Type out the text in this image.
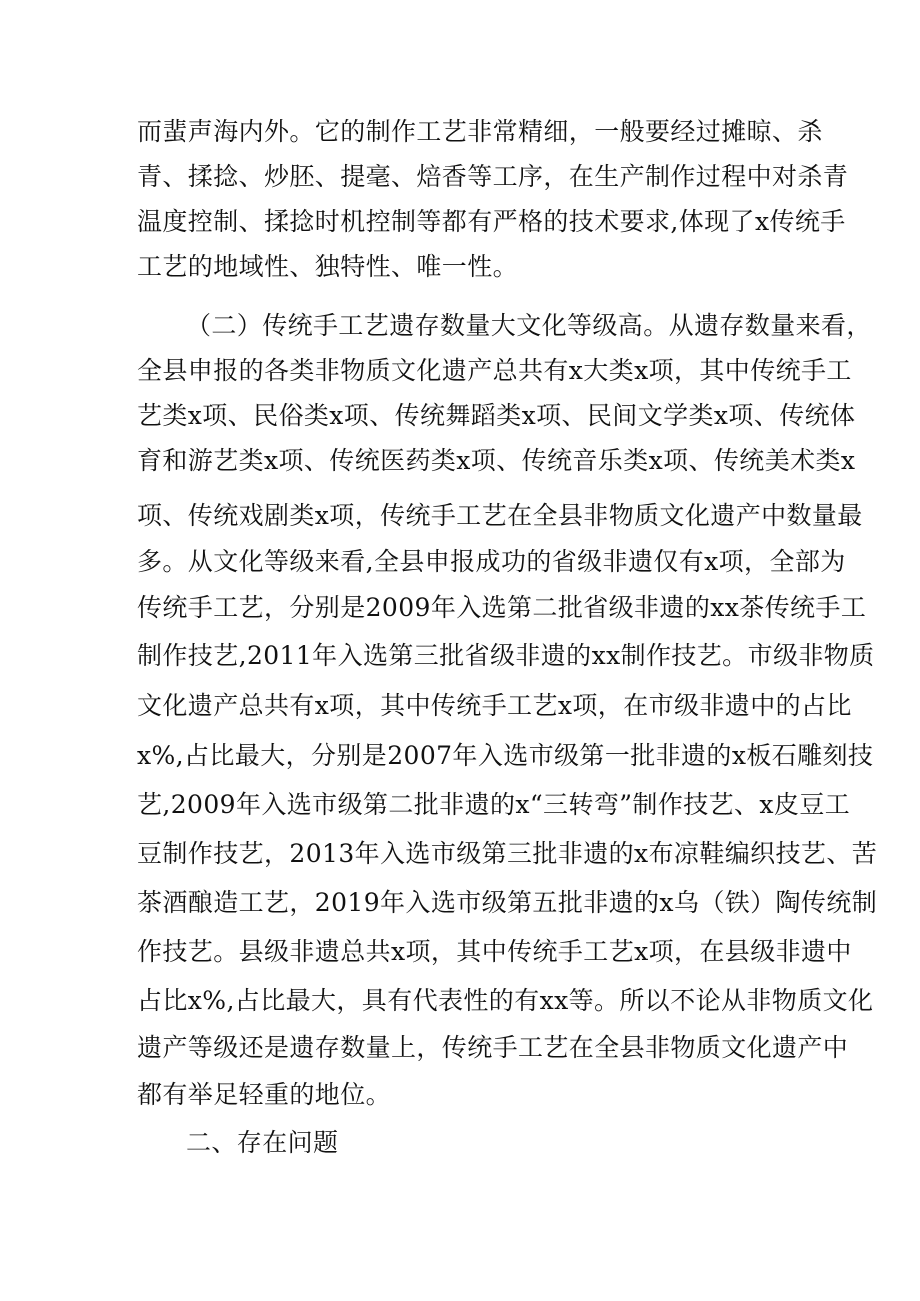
而蜚声海内外。它的制作工艺非常精细，一般要经过摊晾、杀
青、揉捻、炒胚、提毫、焙香等工序，在生产制作过程中对杀青
温度控制、揉捻时机控制等都有严格的技术要求,体现了x传统手
工艺的地域性、独特性、唯一性。
（二）传统手工艺遗存数量大文化等级高。从遗存数量来看，
全县申报的各类非物质文化遗产总共有x大类x项，其中传统手工
艺类x项、民俗类x项、传统舞蹈类x项、民间文学类x项、传统体
育和游艺类x项、传统医药类x项、传统音乐类x项、传统美术类x
项、传统戏剧类x项，传统手工艺在全县非物质文化遗产中数量最
多。从文化等级来看,全县申报成功的省级非遗仅有x项，全部为
传统手工艺，分别是2009年入选第二批省级非遗的xx茶传统手工
制作技艺,2011年入选第三批省级非遗的xx制作技艺。市级非物质
文化遗产总共有x项，其中传统手工艺x项，在市级非遗中的占比
x%,占比最大，分别是2007年入选市级第一批非遗的x板石雕刻技
艺,2009年入选市级第二批非遗的x“三转弯”制作技艺、x皮豆工
豆制作技艺，2013年入选市级第三批非遗的x布凉鞋编织技艺、苦
茶酒酿造工艺，2019年入选市级第五批非遗的x乌（铁）陶传统制
作技艺。县级非遗总共x项，其中传统手工艺x项，在县级非遗中
占比x%,占比最大，具有代表性的有xx等。所以不论从非物质文化
遗产等级还是遗存数量上，传统手工艺在全县非物质文化遗产中
都有举足轻重的地位。
二、存在问题
